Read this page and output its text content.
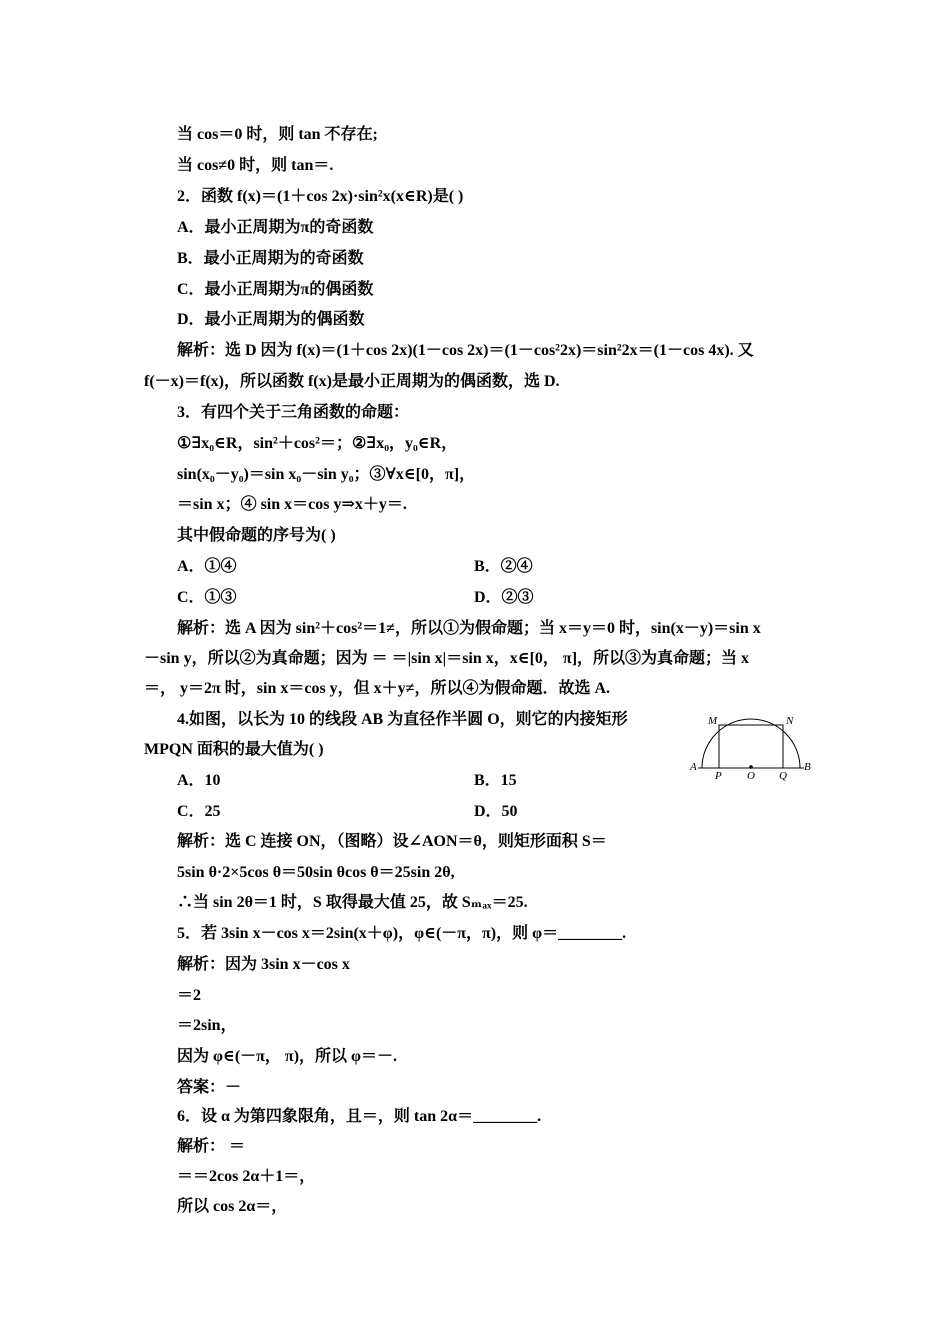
当 cos＝0 时，则 tan 不存在;
当 cos≠0 时，则 tan＝.
2．函数 f(x)＝(1＋cos 2x)·sin²x(x∈R)是( )
A．最小正周期为π的奇函数
B．最小正周期为的奇函数
C．最小正周期为π的偶函数
D．最小正周期为的偶函数
解析：选 D 因为 f(x)＝(1＋cos 2x)(1－cos 2x)＝(1－cos²2x)＝sin²2x＝(1－cos 4x). 又
f(－x)＝f(x)，所以函数 f(x)是最小正周期为的偶函数，选 D.
3．有四个关于三角函数的命题：
①∃x₀∈R，sin²＋cos²＝；②∃x₀，y₀∈R，
sin(x₀－y₀)＝sin x₀－sin y₀；③∀x∈[0，π]，
＝sin x；④ sin x＝cos y⇒x＋y＝.
其中假命题的序号为( )
A．①④	B．②④
C．①③	D．②③
解析：选 A 因为 sin²＋cos²＝1≠，所以①为假命题；当 x＝y＝0 时，sin(x－y)＝sin x
－sin y，所以②为真命题；因为 ＝ ＝|sin x|＝sin x，x∈[0， π]，所以③为真命题；当 x
＝， y＝2π 时，sin x＝cos y，但 x＋y≠，所以④为假命题．故选 A.
4.如图，以长为 10 的线段 AB 为直径作半圆 O，则它的内接矩形
MPQN 面积的最大值为( )
A．10	B．15
C．25	D．50
解析：选 C 连接 ON，（图略）设∠AON＝θ，则矩形面积 S＝
5sin θ·2×5cos θ＝50sin θcos θ＝25sin 2θ,
∴当 sin 2θ＝1 时，S 取得最大值 25，故 Sₘₐₓ＝25.
5．若 3sin x－cos x＝2sin(x＋φ)，φ∈(－π，π)，则 φ＝________.
解析：因为 3sin x－cos x
＝2
＝2sin，
因为 φ∈(－π， π)，所以 φ＝－.
答案：－
6．设 α 为第四象限角，且＝，则 tan 2α＝________.
解析： ＝
＝＝2cos 2α＋1＝，
所以 cos 2α＝，
M	N
A
P O Q
B
